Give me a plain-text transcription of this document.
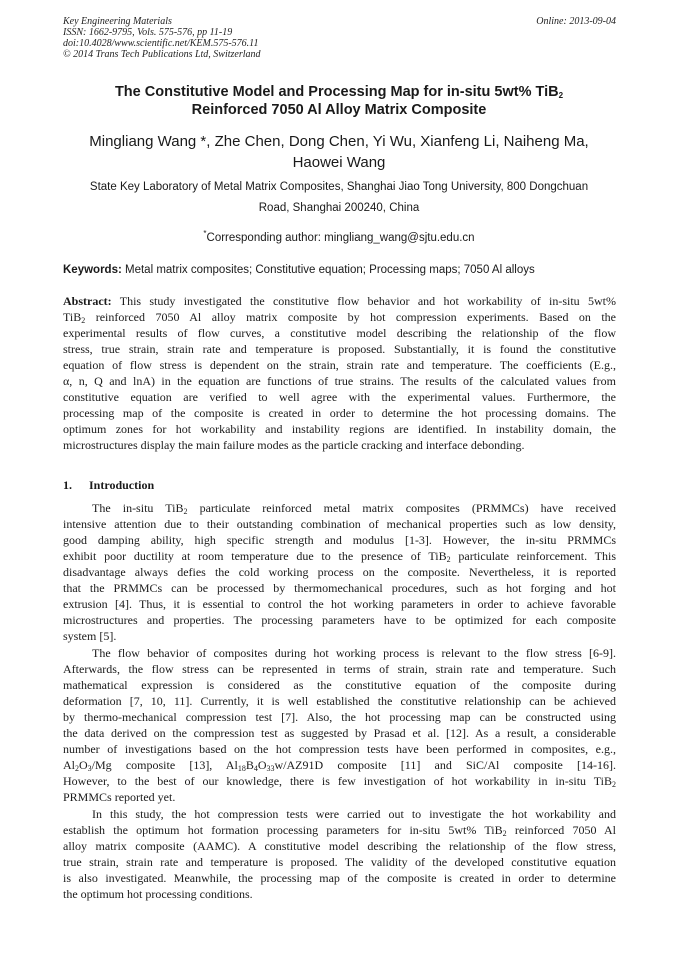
Key Engineering Materials
ISSN: 1662-9795, Vols. 575-576, pp 11-19
doi:10.4028/www.scientific.net/KEM.575-576.11
© 2014 Trans Tech Publications Ltd, Switzerland
Online: 2013-09-04
The Constitutive Model and Processing Map for in-situ 5wt% TiB$_2$
Reinforced 7050 Al Alloy Matrix Composite
Mingliang Wang *, Zhe Chen, Dong Chen, Yi Wu, Xianfeng Li, Naiheng Ma,
Haowei Wang
State Key Laboratory of Metal Matrix Composites, Shanghai Jiao Tong University, 800 Dongchuan
Road, Shanghai 200240, China
*Corresponding author: mingliang_wang@sjtu.edu.cn
Keywords: Metal matrix composites; Constitutive equation; Processing maps; 7050 Al alloys
Abstract: This study investigated the constitutive flow behavior and hot workability of in-situ 5wt%
TiB$_2$ reinforced 7050 Al alloy matrix composite by hot compression experiments. Based on the
experimental results of flow curves, a constitutive model describing the relationship of the flow
stress, true strain, strain rate and temperature is proposed. Substantially, it is found the constitutive
equation of flow stress is dependent on the strain, strain rate and temperature. The coefficients (E.g.,
α, n, Q and lnA) in the equation are functions of true strains. The results of the calculated values from
constitutive equation are verified to well agree with the experimental values. Furthermore, the
processing map of the composite is created in order to determine the hot processing domains. The
optimum zones for hot workability and instability regions are identified. In instability domain, the
microstructures display the main failure modes as the particle cracking and interface debonding.
1. Introduction
The in-situ TiB$_2$ particulate reinforced metal matrix composites (PRMMCs) have received
intensive attention due to their outstanding combination of mechanical properties such as low density,
good damping ability, high specific strength and modulus [1-3]. However, the in-situ PRMMCs
exhibit poor ductility at room temperature due to the presence of TiB$_2$ particulate reinforcement. This
disadvantage always defies the cold working process on the composite. Nevertheless, it is reported
that the PRMMCs can be processed by thermomechanical procedures, such as hot forging and hot
extrusion [4]. Thus, it is essential to control the hot working parameters in order to achieve favorable
microstructures and properties. The processing parameters have to be optimized for each composite
system [5].
The flow behavior of composites during hot working process is relevant to the flow stress [6-9].
Afterwards, the flow stress can be represented in terms of strain, strain rate and temperature. Such
mathematical expression is considered as the constitutive equation of the composite during
deformation [7, 10, 11]. Currently, it is well established the constitutive relationship can be achieved
by thermo-mechanical compression test [7]. Also, the hot processing map can be constructed using
the data derived on the compression test as suggested by Prasad et al. [12]. As a result, a considerable
number of investigations based on the hot compression tests have been performed in composites, e.g.,
$Al_2O_3/Mg$ composite [13], $Al_{18}B_4O_{33}w/AZ91D$ composite [11] and SiC/Al composite [14-16].
However, to the best of our knowledge, there is few investigation of hot workability in in-situ TiB$_2$
PRMMCs reported yet.
In this study, the hot compression tests were carried out to investigate the hot workability and
establish the optimum hot formation processing parameters for in-situ 5wt% TiB$_2$ reinforced 7050 Al
alloy matrix composite (AAMC). A constitutive model describing the relationship of the flow stress,
true strain, strain rate and temperature is proposed. The validity of the developed constitutive equation
is also investigated. Meanwhile, the processing map of the composite is created in order to determine
the optimum hot processing conditions.
